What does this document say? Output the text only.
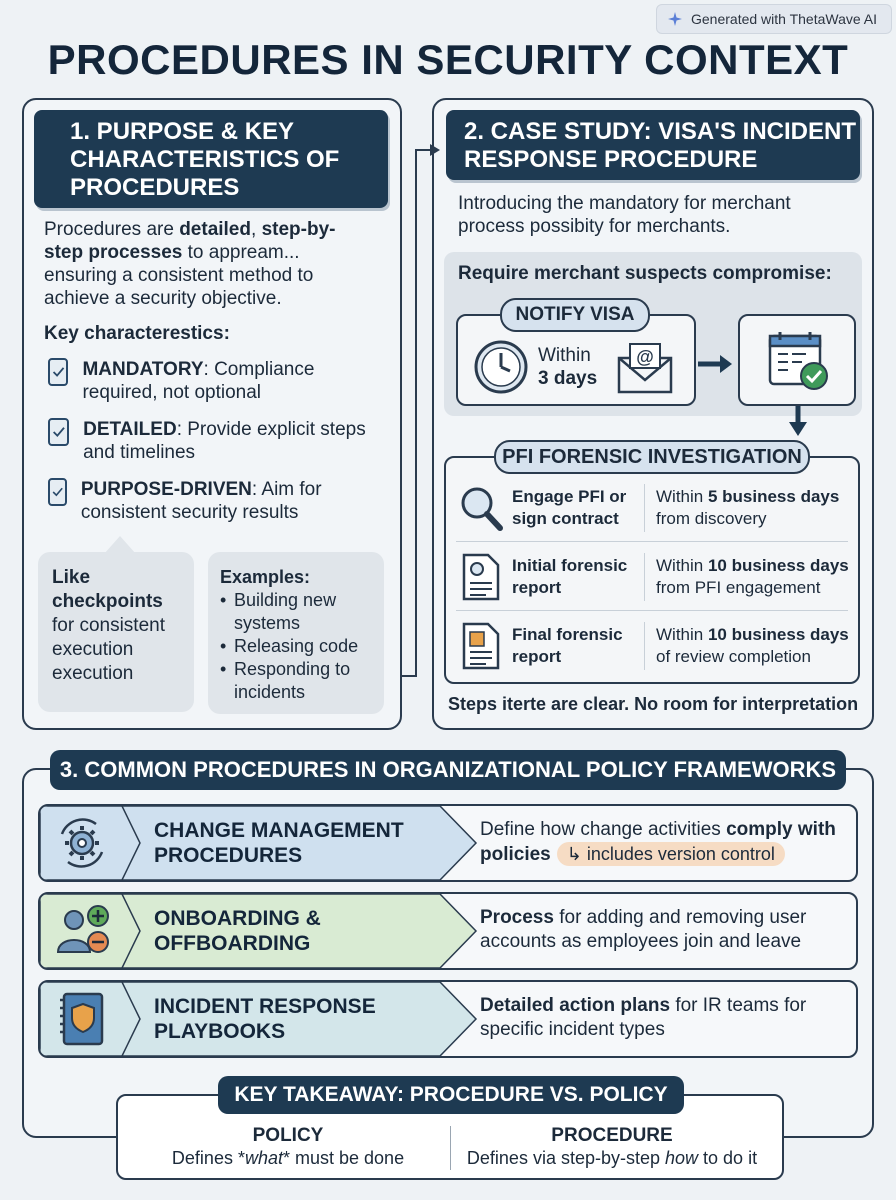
Generated with ThetaWave AI
PROCEDURES IN SECURITY CONTEXT
1. PURPOSE & KEY CHARACTERISTICS OF PROCEDURES
Procedures are detailed, step-by-step processes to appream... ensuring a consistent method to achieve a security objective.
Key characterestics:
MANDATORY: Compliance required, not optional
DETAILED: Provide explicit steps and timelines
PURPOSE-DRIVEN: Aim for consistent security results
Like
checkpoints
for consistent execution execution
Examples:
• Building new systems
• Releasing code
• Responding to incidents
2. CASE STUDY: VISA'S INCIDENT RESPONSE PROCEDURE
Introducing the mandatory for merchant process possibity for merchants.
Require merchant suspects compromise:
Within
3 days
@
NOTIFY VISA
PFI FORENSIC INVESTIGATION
Engage PFI or sign contract
Within 5 business days
from discovery
Initial forensic report
Within 10 business days
from PFI engagement
Final forensic report
Within 10 business days
of review completion
Steps iterte are clear. No room for interpretation
3. COMMON PROCEDURES IN ORGANIZATIONAL POLICY FRAMEWORKS
CHANGE MANAGEMENT PROCEDURES
Define how change activities comply with policies ↳ includes version control
ONBOARDING & OFFBOARDING
Process for adding and removing user accounts as employees join and leave
INCIDENT RESPONSE PLAYBOOKS
Detailed action plans for IR teams for specific incident types
POLICY
Defines *what* must be done
PROCEDURE
Defines via step-by-step how to do it
KEY TAKEAWAY: PROCEDURE VS. POLICY
